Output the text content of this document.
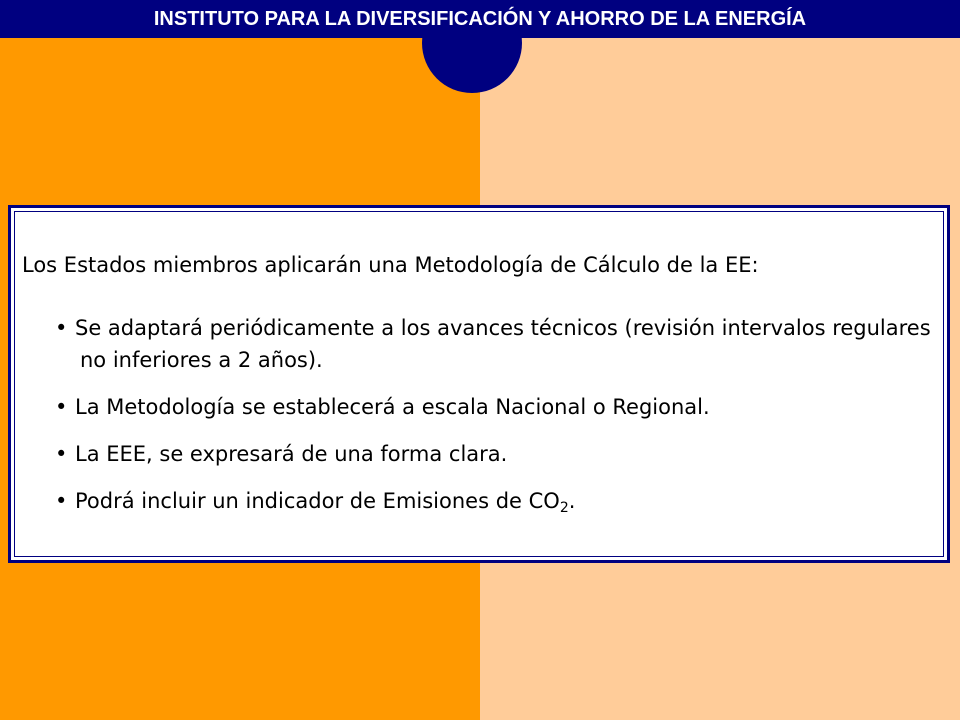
INSTITUTO PARA LA DIVERSIFICACIÓN Y AHORRO DE LA ENERGÍA
Los Estados miembros aplicarán una Metodología de Cálculo de la EE:
• Se adaptará periódicamente a los avances técnicos (revisión intervalos regulares no inferiores a 2 años).
• La Metodología se establecerá a escala Nacional o Regional.
• La EEE, se expresará de una forma clara.
• Podrá incluir un indicador de Emisiones de $CO_2$.
